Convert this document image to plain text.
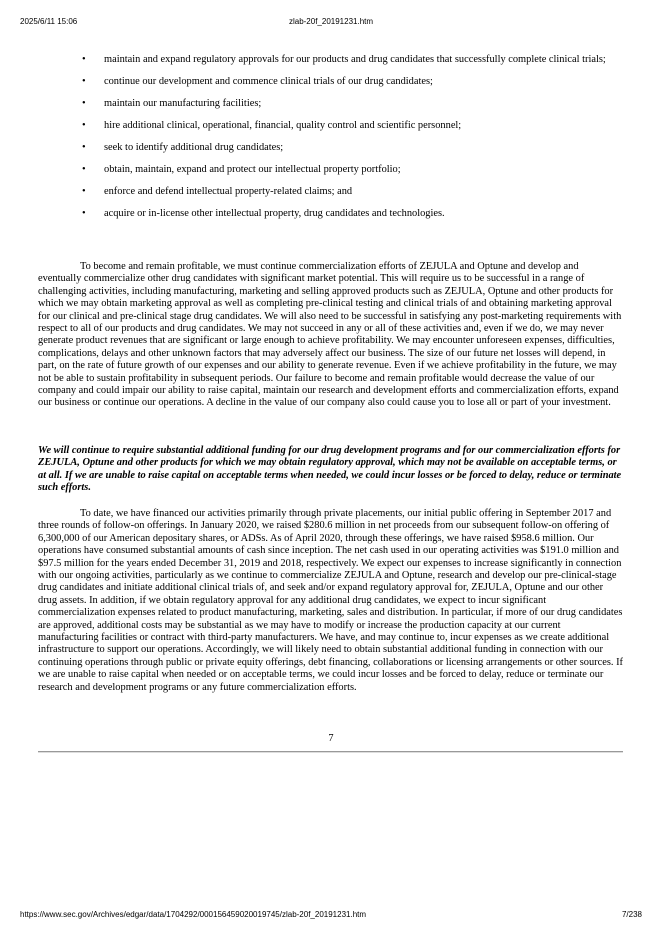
2025/6/11 15:06	zlab-20f_20191231.htm
• maintain and expand regulatory approvals for our products and drug candidates that successfully complete clinical trials;
• continue our development and commence clinical trials of our drug candidates;
• maintain our manufacturing facilities;
• hire additional clinical, operational, financial, quality control and scientific personnel;
• seek to identify additional drug candidates;
• obtain, maintain, expand and protect our intellectual property portfolio;
• enforce and defend intellectual property-related claims; and
• acquire or in-license other intellectual property, drug candidates and technologies.

To become and remain profitable, we must continue commercialization efforts of ZEJULA and Optune and develop and eventually commercialize other drug candidates with significant market potential. This will require us to be successful in a range of challenging activities, including manufacturing, marketing and selling approved products such as ZEJULA, Optune and other products for which we may obtain marketing approval as well as completing pre-clinical testing and clinical trials of and obtaining marketing approval for our clinical and pre-clinical stage drug candidates. We will also need to be successful in satisfying any post-marketing requirements with respect to all of our products and drug candidates. We may not succeed in any or all of these activities and, even if we do, we may never generate product revenues that are significant or large enough to achieve profitability. We may encounter unforeseen expenses, difficulties, complications, delays and other unknown factors that may adversely affect our business. The size of our future net losses will depend, in part, on the rate of future growth of our expenses and our ability to generate revenue. Even if we achieve profitability in the future, we may not be able to sustain profitability in subsequent periods. Our failure to become and remain profitable would decrease the value of our company and could impair our ability to raise capital, maintain our research and development efforts and commercialization efforts, expand our business or continue our operations. A decline in the value of our company also could cause you to lose all or part of your investment.

We will continue to require substantial additional funding for our drug development programs and for our commercialization efforts for ZEJULA, Optune and other products for which we may obtain regulatory approval, which may not be available on acceptable terms, or at all. If we are unable to raise capital on acceptable terms when needed, we could incur losses or be forced to delay, reduce or terminate such efforts.

To date, we have financed our activities primarily through private placements, our initial public offering in September 2017 and three rounds of follow-on offerings. In January 2020, we raised $280.6 million in net proceeds from our subsequent follow-on offering of 6,300,000 of our American depositary shares, or ADSs. As of April 2020, through these offerings, we have raised $958.6 million. Our operations have consumed substantial amounts of cash since inception. The net cash used in our operating activities was $191.0 million and $97.5 million for the years ended December 31, 2019 and 2018, respectively. We expect our expenses to increase significantly in connection with our ongoing activities, particularly as we continue to commercialize ZEJULA and Optune, research and develop our pre-clinical-stage drug candidates and initiate additional clinical trials of, and seek and/or expand regulatory approval for, ZEJULA, Optune and our other drug assets. In addition, if we obtain regulatory approval for any additional drug candidates, we expect to incur significant commercialization expenses related to product manufacturing, marketing, sales and distribution. In particular, if more of our drug candidates are approved, additional costs may be substantial as we may have to modify or increase the production capacity at our current manufacturing facilities or contract with third-party manufacturers. We have, and may continue to, incur expenses as we create additional infrastructure to support our operations. Accordingly, we will likely need to obtain substantial additional funding in connection with our continuing operations through public or private equity offerings, debt financing, collaborations or licensing arrangements or other sources. If we are unable to raise capital when needed or on acceptable terms, we could incur losses and be forced to delay, reduce or terminate our research and development programs or any future commercialization efforts.

7
https://www.sec.gov/Archives/edgar/data/1704292/000156459020019745/zlab-20f_20191231.htm	7/238
